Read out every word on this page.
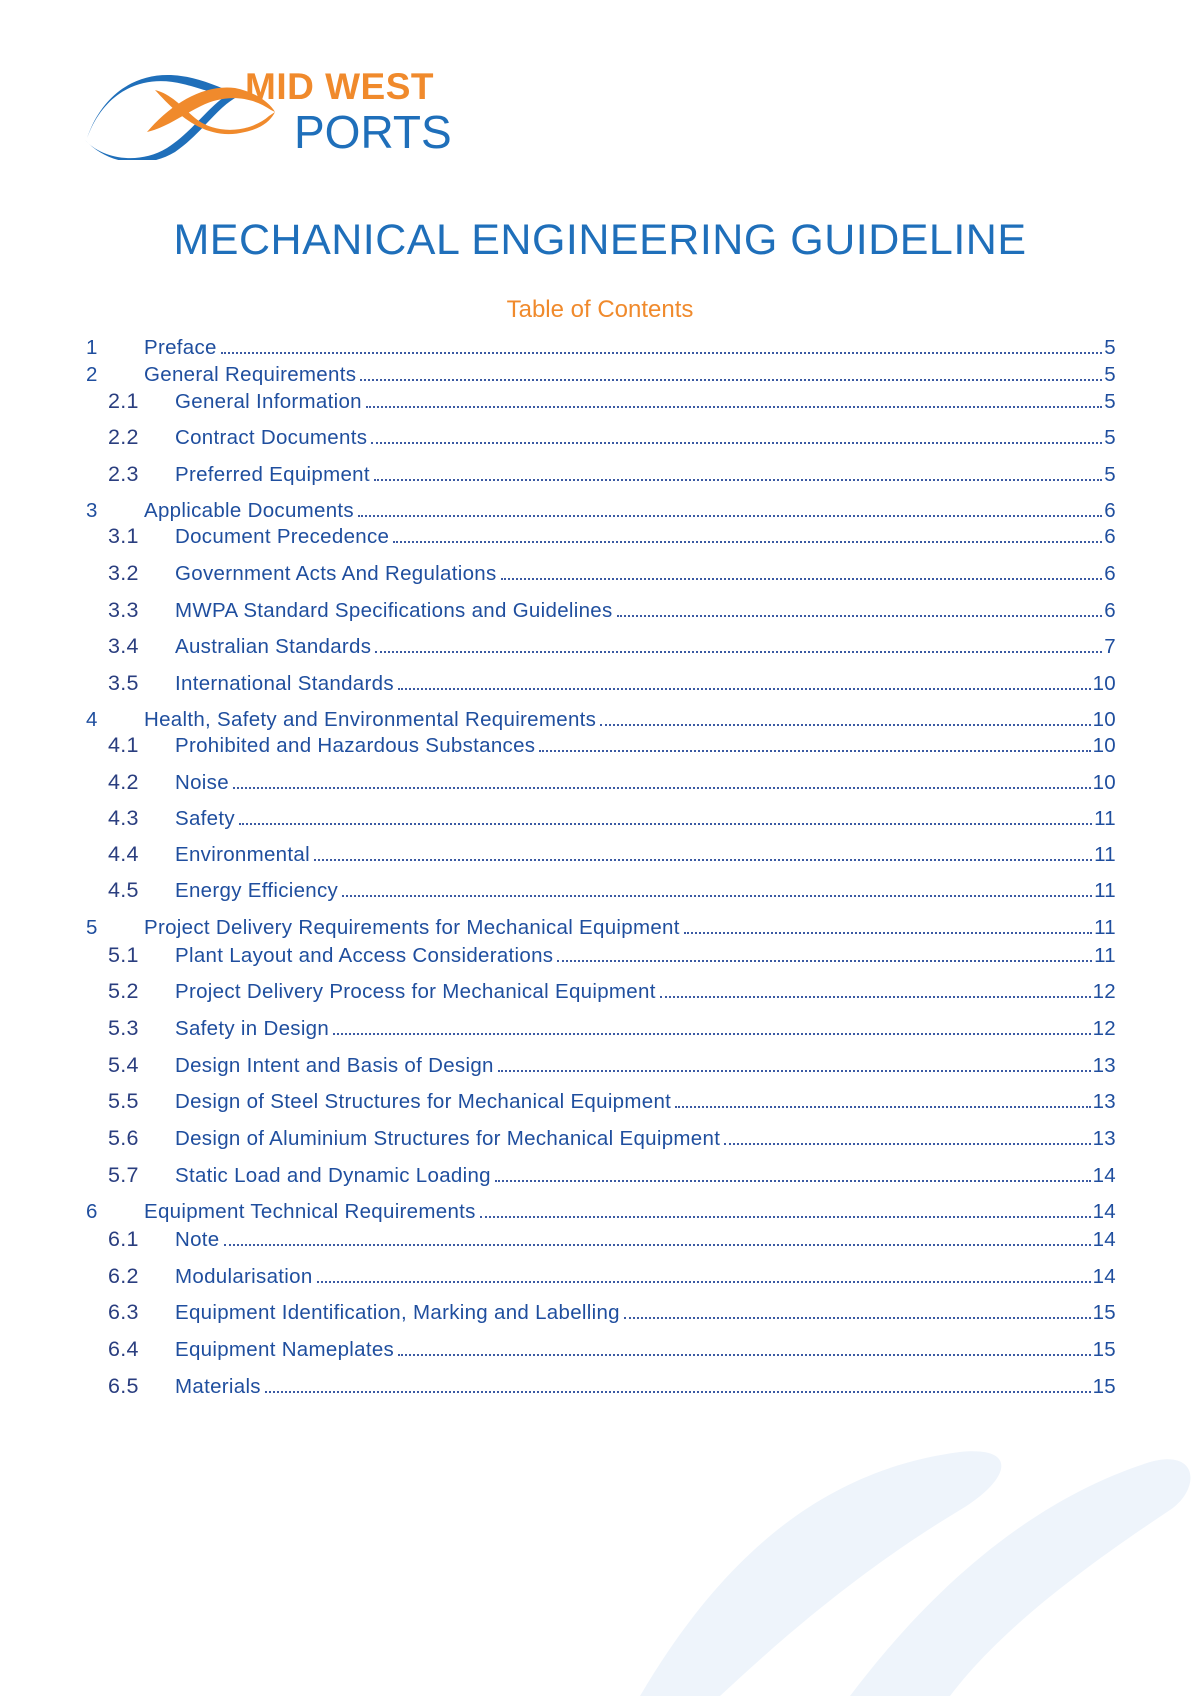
MID WEST
PORTS
MECHANICAL ENGINEERING GUIDELINE
Table of Contents
1	Preface	5
2	General Requirements	5
2.1	General Information	5
2.2	Contract Documents	5
2.3	Preferred Equipment	5
3	Applicable Documents	6
3.1	Document Precedence	6
3.2	Government Acts And Regulations	6
3.3	MWPA Standard Specifications and Guidelines	6
3.4	Australian Standards	7
3.5	International Standards	10
4	Health, Safety and Environmental Requirements	10
4.1	Prohibited and Hazardous Substances	10
4.2	Noise	10
4.3	Safety	11
4.4	Environmental	11
4.5	Energy Efficiency	11
5	Project Delivery Requirements for Mechanical Equipment	11
5.1	Plant Layout and Access Considerations	11
5.2	Project Delivery Process for Mechanical Equipment	12
5.3	Safety in Design	12
5.4	Design Intent and Basis of Design	13
5.5	Design of Steel Structures for Mechanical Equipment	13
5.6	Design of Aluminium Structures for Mechanical Equipment	13
5.7	Static Load and Dynamic Loading	14
6	Equipment Technical Requirements	14
6.1	Note	14
6.2	Modularisation	14
6.3	Equipment Identification, Marking and Labelling	15
6.4	Equipment Nameplates	15
6.5	Materials	15
